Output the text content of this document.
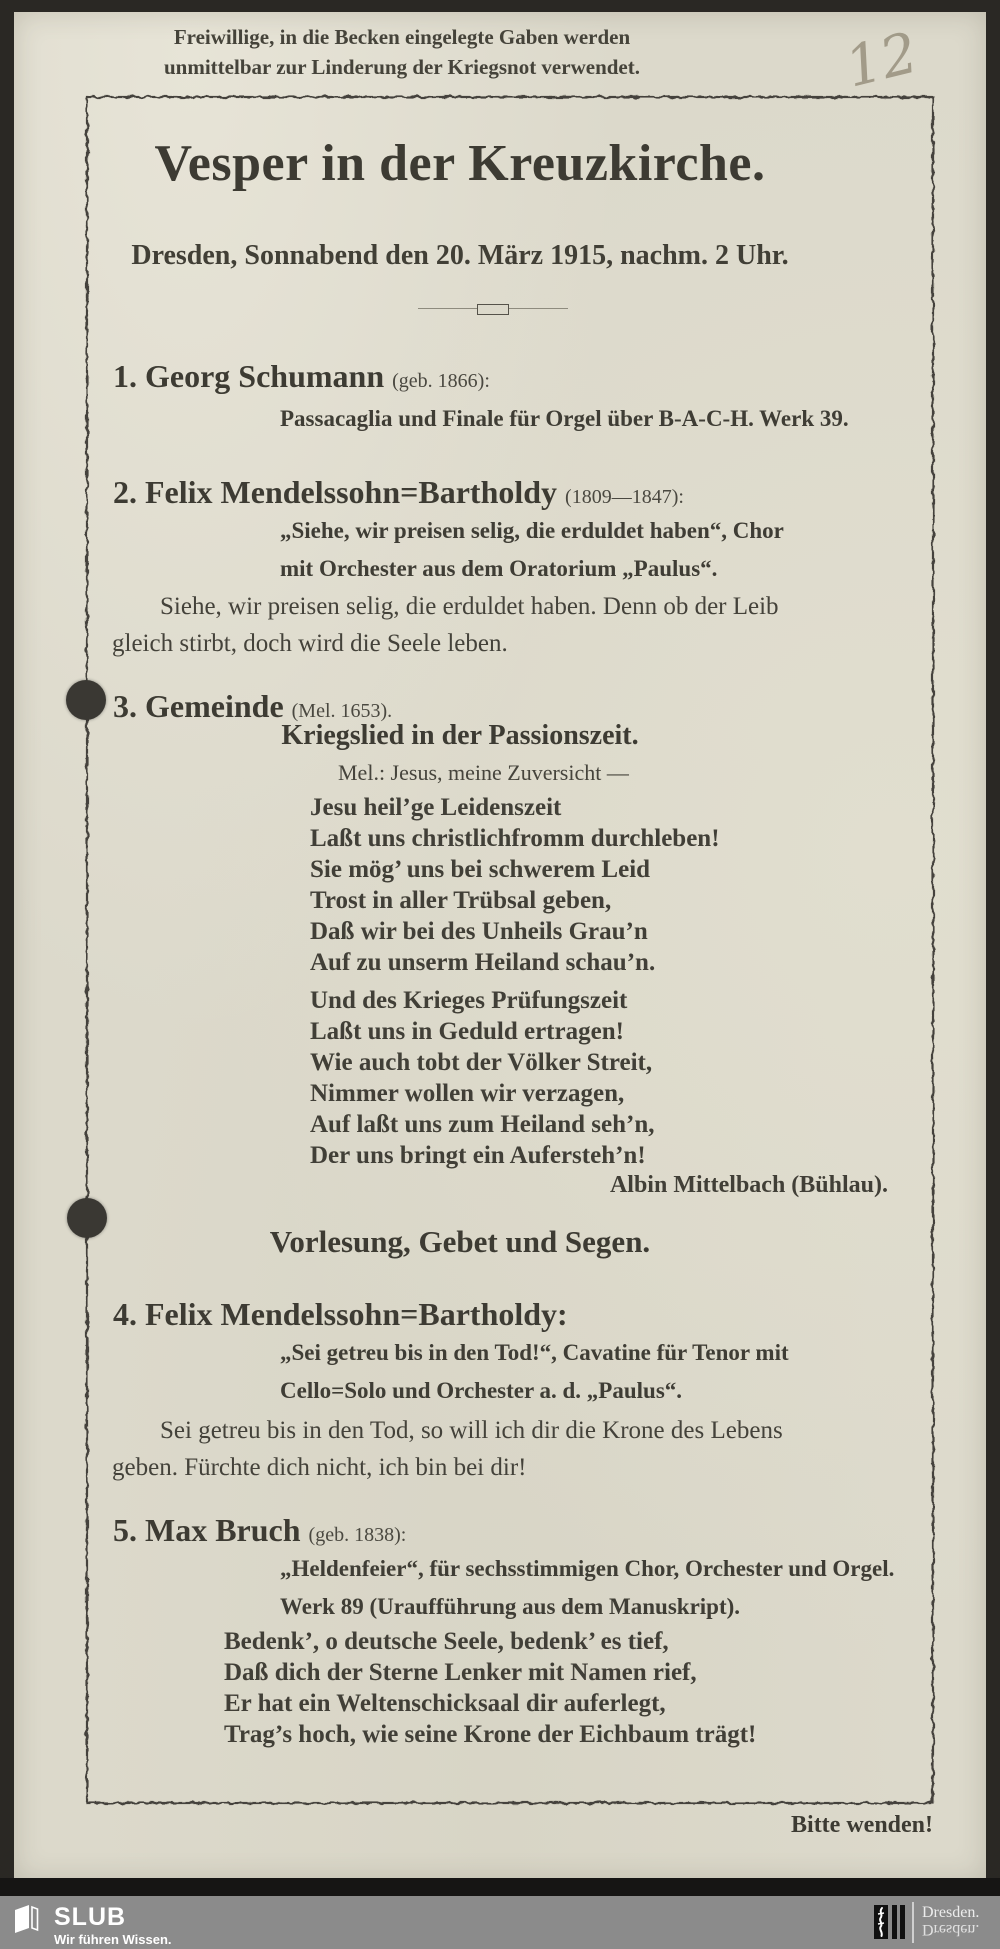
12
Freiwillige, in die Becken eingelegte Gaben werden
unmittelbar zur Linderung der Kriegsnot verwendet.
Vesper in der Kreuzkirche.
Dresden, Sonnabend den 20. März 1915, nachm. 2 Uhr.
1. Georg Schumann (geb. 1866):
Passacaglia und Finale für Orgel über B-A-C-H. Werk 39.
2. Felix Mendelssohn=Bartholdy (1809—1847):
„Siehe, wir preisen selig, die erduldet haben“, Chor
mit Orchester aus dem Oratorium „Paulus“.
Siehe, wir preisen selig, die erduldet haben. Denn ob der Leib
gleich stirbt, doch wird die Seele leben.
3. Gemeinde (Mel. 1653).
Kriegslied in der Passionszeit.
Mel.: Jesus, meine Zuversicht —
Jesu heil’ge Leidenszeit
Laßt uns christlichfromm durchleben!
Sie mög’ uns bei schwerem Leid
Trost in aller Trübsal geben,
Daß wir bei des Unheils Grau’n
Auf zu unserm Heiland schau’n.
Und des Krieges Prüfungszeit
Laßt uns in Geduld ertragen!
Wie auch tobt der Völker Streit,
Nimmer wollen wir verzagen,
Auf laßt uns zum Heiland seh’n,
Der uns bringt ein Aufersteh’n!
Albin Mittelbach (Bühlau).
Vorlesung, Gebet und Segen.
4. Felix Mendelssohn=Bartholdy:
„Sei getreu bis in den Tod!“, Cavatine für Tenor mit
Cello=Solo und Orchester a. d. „Paulus“.
Sei getreu bis in den Tod, so will ich dir die Krone des Lebens
geben. Fürchte dich nicht, ich bin bei dir!
5. Max Bruch (geb. 1838):
„Heldenfeier“, für sechsstimmigen Chor, Orchester und Orgel.
Werk 89 (Uraufführung aus dem Manuskript).
Bedenk’, o deutsche Seele, bedenk’ es tief,
Daß dich der Sterne Lenker mit Namen rief,
Er hat ein Weltenschicksaal dir auferlegt,
Trag’s hoch, wie seine Krone der Eichbaum trägt!
Bitte wenden!
SLUB
Wir führen Wissen.
Dresden.
Dresden.
